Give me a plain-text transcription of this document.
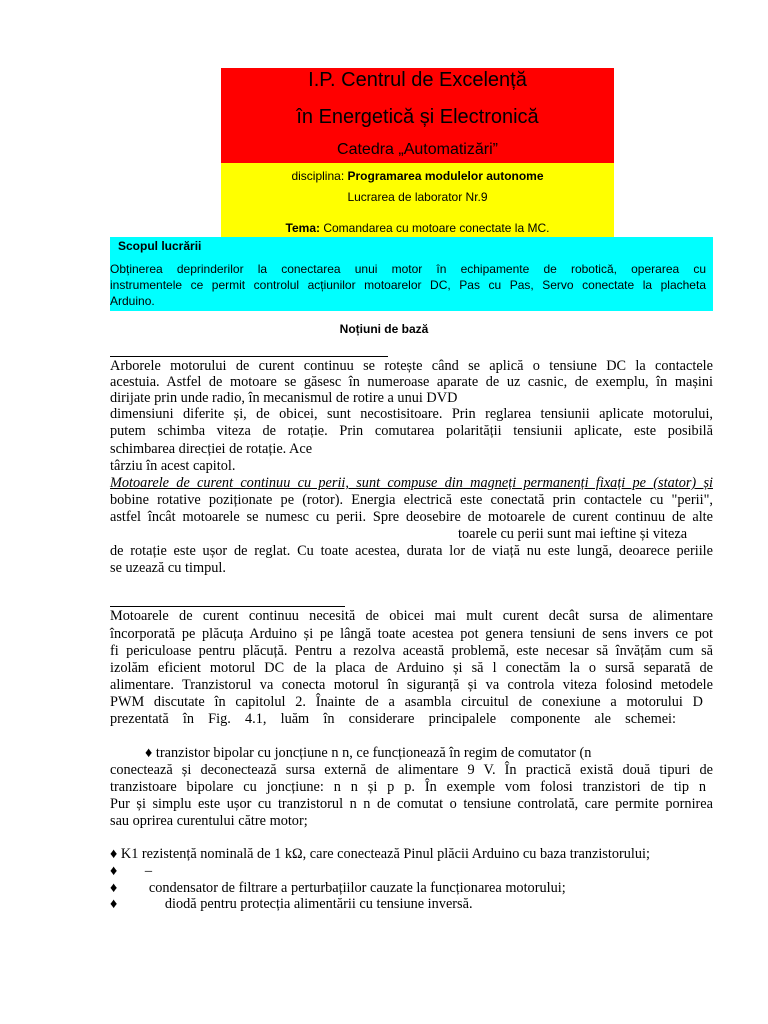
I.P. Centrul de Excelență
în Energetică și Electronică
Catedra „Automatizări”
disciplina: Programarea modulelor autonome
Lucrarea de laborator Nr.9
Tema: Comandarea cu motoare conectate la MC.
Scopul lucrării
Obținerea deprinderilor la conectarea unui motor în echipamente de robotică, operarea cu
instrumentele ce permit controlul acțiunilor motoarelor DC, Pas cu Pas, Servo conectate la placheta
Arduino.
Noțiuni de bază
Arborele motorului de curent continuu se rotește când se aplică o tensiune DC la contactele
acestuia. Astfel de motoare se găsesc în numeroase aparate de uz casnic, de exemplu, în mașini
dirijate prin unde radio, în mecanismul de rotire a unui DVD
dimensiuni diferite și, de obicei, sunt necostisitoare. Prin reglarea tensiunii aplicate motorului,
putem schimba viteza de rotație. Prin comutarea polarității tensiunii aplicate, este posibilă
schimbarea direcției de rotație. Ace
târziu în acest capitol.
Motoarele de curent continuu cu perii, sunt compuse din magneți permanenți fixați pe (stator) și
bobine rotative poziționate pe (rotor). Energia electrică este conectată prin contactele cu "perii",
astfel încât motoarele se numesc cu perii. Spre deosebire de motoarele de curent continuu de alte
toarele cu perii sunt mai ieftine și viteza
de rotație este ușor de reglat. Cu toate acestea, durata lor de viață nu este lungă, deoarece periile
se uzează cu timpul.
Motoarele de curent continuu necesită de obicei mai mult curent decât sursa de alimentare
încorporată pe plăcuța Arduino și pe lângă toate acestea pot genera tensiuni de sens invers ce pot
fi periculoase pentru plăcuță. Pentru a rezolva această problemă, este necesar să învățăm cum să
izolăm eficient motorul DC de la placa de Arduino și să l conectăm la o sursă separată de
alimentare. Tranzistorul va conecta motorul în siguranță și va controla viteza folosind metodele
PWM discutate în capitolul 2. Înainte de a asambla circuitul de conexiune a motorului D
prezentată în Fig. 4.1, luăm în considerare principalele componente ale schemei:
♦ tranzistor bipolar cu joncțiune n n, ce funcționează în regim de comutator (n
conectează și deconectează sursa externă de alimentare 9 V. În practică există două tipuri de
tranzistoare bipolare cu joncțiune: n n și p p. În exemple vom folosi tranzistori de tip n
Pur și simplu este ușor cu tranzistorul n n de comutat o tensiune controlată, care permite pornirea
sau oprirea curentului către motor;
♦ K1 rezistență nominală de 1 kΩ, care conectează Pinul plăcii Arduino cu baza tranzistorului;
♦ –
♦ condensator de filtrare a perturbațiilor cauzate la funcționarea motorului;
♦	diodă pentru protecția alimentării cu tensiune inversă.
